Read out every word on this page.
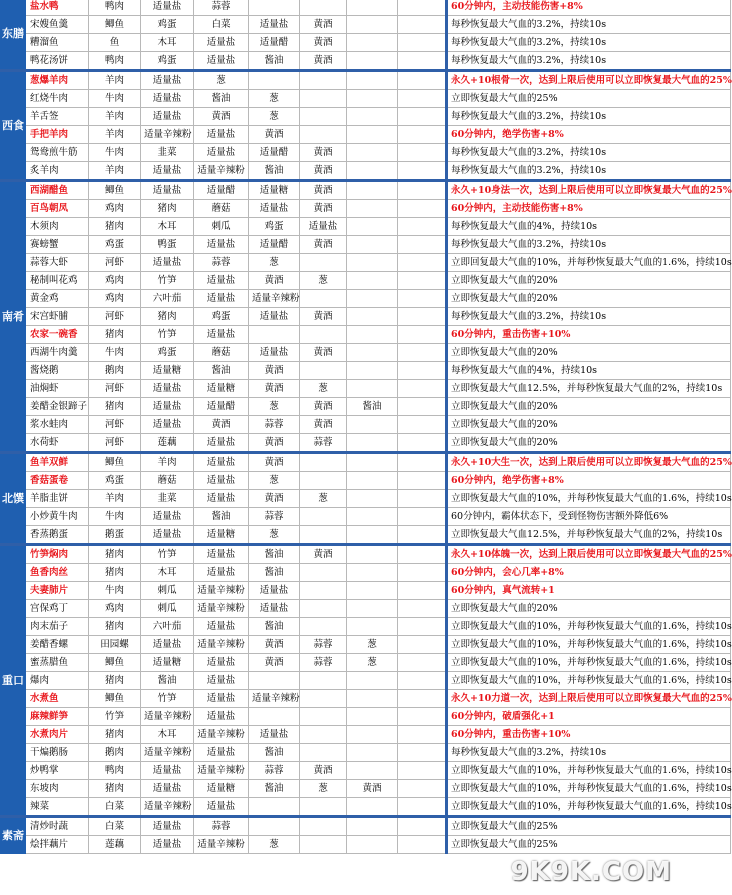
东膳	盐水鸭	鸭肉	适量盐	蒜蓉					60分钟内，主动技能伤害+8%
	宋嫂鱼羹	鲫鱼	鸡蛋	白菜	适量盐	黄酒			每秒恢复最大气血的3.2%，持续10s
	糟溜鱼	鱼	木耳	适量盐	适量醋	黄酒			每秒恢复最大气血的3.2%，持续10s
	鸭花汤饼	鸭肉	鸡蛋	适量盐	酱油	黄酒			每秒恢复最大气血的3.2%，持续10s
西食	葱爆羊肉	羊肉	适量盐	葱					永久+10根骨一次，达到上限后使用可以立即恢复最大气血的25%
	红烧牛肉	牛肉	适量盐	酱油	葱				立即恢复最大气血的25%
	羊舌签	羊肉	适量盐	黄酒	葱				每秒恢复最大气血的3.2%，持续10s
	手把羊肉	羊肉	适量辛辣粉	适量盐	黄酒				60分钟内，绝学伤害+8%
	鸳鸯煎牛筋	牛肉	韭菜	适量盐	适量醋	黄酒			每秒恢复最大气血的3.2%，持续10s
	炙羊肉	羊肉	适量盐	适量辛辣粉	酱油	黄酒			每秒恢复最大气血的3.2%，持续10s
南肴	西湖醋鱼	鲫鱼	适量盐	适量醋	适量糖	黄酒			永久+10身法一次，达到上限后使用可以立即恢复最大气血的25%
	百鸟朝凤	鸡肉	猪肉	蘑菇	适量盐	黄酒			60分钟内，主动技能伤害+8%
	木须肉	猪肉	木耳	刺瓜	鸡蛋	适量盐			每秒恢复最大气血的4%，持续10s
	赛螃蟹	鸡蛋	鸭蛋	适量盐	适量醋	黄酒			每秒恢复最大气血的3.2%，持续10s
	蒜蓉大虾	河虾	适量盐	蒜蓉	葱				立即回复最大气血的10%，并每秒恢复最大气血的1.6%，持续10s
	秘制叫花鸡	鸡肉	竹笋	适量盐	黄酒	葱			立即恢复最大气血的20%
	黄金鸡	鸡肉	六叶茄	适量盐	适量辛辣粉				立即恢复最大气血的20%
	宋宫虾脯	河虾	猪肉	鸡蛋	适量盐	黄酒			每秒恢复最大气血的3.2%，持续10s
	农家一碗香	猪肉	竹笋	适量盐					60分钟内，重击伤害+10%
	西湖牛肉羹	牛肉	鸡蛋	蘑菇	适量盐	黄酒			立即恢复最大气血的20%
	酱烧鹅	鹅肉	适量糖	酱油	黄酒				每秒恢复最大气血的4%，持续10s
	油焖虾	河虾	适量盐	适量糖	黄酒	葱			立即恢复最大气血12.5%，并每秒恢复最大气血的2%，持续10s
	姜醋金银蹄子	猪肉	适量盐	适量醋	葱	黄酒	酱油		立即恢复最大气血的20%
	浆水蛙肉	河虾	适量盐	黄酒	蒜蓉	黄酒			立即恢复最大气血的20%
	水荷虾	河虾	莲藕	适量盐	黄酒	蒜蓉			立即恢复最大气血的20%
北馔	鱼羊双鲜	鲫鱼	羊肉	适量盐	黄酒				永久+10大生一次，达到上限后使用可以立即恢复最大气血的25%
	香菇蛋卷	鸡蛋	蘑菇	适量盐	葱				60分钟内，绝学伤害+8%
	羊脂韭饼	羊肉	韭菜	适量盐	黄酒	葱			立即恢复最大气血的10%，并每秒恢复最大气血的1.6%，持续10s
	小炒黄牛肉	牛肉	适量盐	酱油	蒜蓉				60分钟内，霸体状态下，受到怪物伤害额外降低6%
	香蒸鹅蛋	鹅蛋	适量盐	适量糖	葱				立即恢复最大气血12.5%，并每秒恢复最大气血的2%，持续10s
重口	竹笋焖肉	猪肉	竹笋	适量盐	酱油	黄酒			永久+10体魄一次，达到上限后使用可以立即恢复最大气血的25%
	鱼香肉丝	猪肉	木耳	适量盐	酱油				60分钟内，会心几率+8%
	夫妻肺片	牛肉	刺瓜	适量辛辣粉	适量盐				60分钟内，真气流转+1
	宫保鸡丁	鸡肉	刺瓜	适量辛辣粉	适量盐				立即恢复最大气血的20%
	肉末茄子	猪肉	六叶茄	适量盐	酱油				立即恢复最大气血的10%，并每秒恢复最大气血的1.6%，持续10s
	姜醋香螺	田园螺	适量盐	适量辛辣粉	黄酒	蒜蓉	葱		立即恢复最大气血的10%，并每秒恢复最大气血的1.6%，持续10s
	蜜蒸腊鱼	鲫鱼	适量糖	适量盐	黄酒	蒜蓉	葱		立即恢复最大气血的10%，并每秒恢复最大气血的1.6%，持续10s
	爆肉	猪肉	酱油	适量盐					立即恢复最大气血的10%，并每秒恢复最大气血的1.6%，持续10s
	水煮鱼	鲫鱼	竹笋	适量盐	适量辛辣粉				永久+10力道一次，达到上限后使用可以立即恢复最大气血的25%
	麻辣鲜笋	竹笋	适量辛辣粉	适量盐					60分钟内，破盾强化+1
	水煮肉片	猪肉	木耳	适量辛辣粉	适量盐				60分钟内，重击伤害+10%
	干煸鹅肠	鹅肉	适量辛辣粉	适量盐	酱油				每秒恢复最大气血的3.2%，持续10s
	炒鸭掌	鸭肉	适量盐	适量辛辣粉	蒜蓉	黄酒			立即恢复最大气血的10%，并每秒恢复最大气血的1.6%，持续10s
	东坡肉	猪肉	适量盐	适量糖	酱油	葱	黄酒		立即恢复最大气血的10%，并每秒恢复最大气血的1.6%，持续10s
	辣菜	白菜	适量辛辣粉	适量盐					立即恢复最大气血的10%，并每秒恢复最大气血的1.6%，持续10s
素斋	清炒时蔬	白菜	适量盐	蒜蓉					立即恢复最大气血的25%
	烩拌藕片	莲藕	适量盐	适量辛辣粉	葱				立即恢复最大气血的25%
9K9K.COM
